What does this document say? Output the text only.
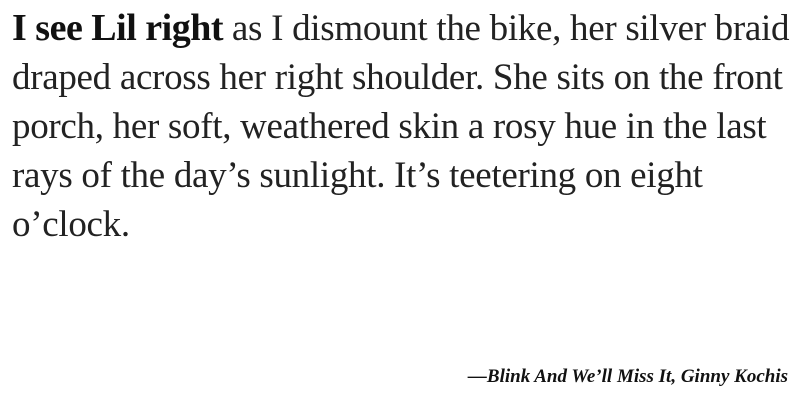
I see Lil right as I dismount the bike, her silver braid draped across her right shoulder. She sits on the front porch, her soft, weathered skin a rosy hue in the last rays of the day’s sunlight. It’s teetering on eight o’clock.

—Blink And We’ll Miss It, Ginny Kochis
